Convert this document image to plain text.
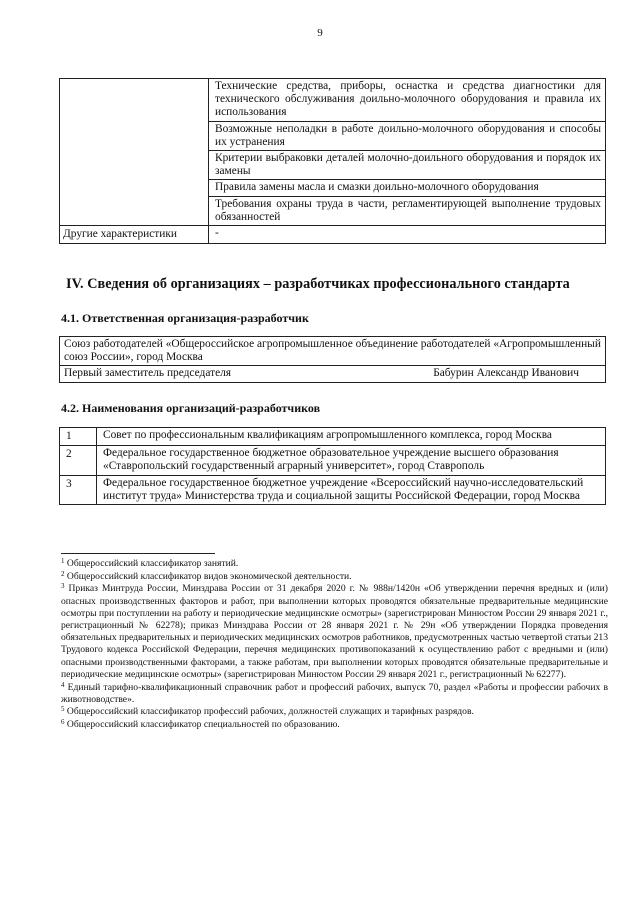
9
	Технические средства, приборы, оснастка и средства диагностики для технического обслуживания доильно-молочного оборудования и правила их использования
	Возможные неполадки в работе доильно-молочного оборудования и способы их устранения
	Критерии выбраковки деталей молочно-доильного оборудования и порядок их замены
	Правила замены масла и смазки доильно-молочного оборудования
	Требования охраны труда в части, регламентирующей выполнение трудовых обязанностей
Другие характеристики	-
IV. Сведения об организациях – разработчиках профессионального стандарта
4.1. Ответственная организация-разработчик
Союз работодателей «Общероссийское агропромышленное объединение работодателей «Агропромышленный союз России», город Москва

Первый заместитель председателя	Бабурин Александр Иванович
4.2. Наименования организаций-разработчиков
1	Совет по профессиональным квалификациям агропромышленного комплекса, город Москва
2	Федеральное государственное бюджетное образовательное учреждение высшего образования «Ставропольский государственный аграрный университет», город Ставрополь
3	Федеральное государственное бюджетное учреждение «Всероссийский научно-исследовательский институт труда» Министерства труда и социальной защиты Российской Федерации, город Москва

$^1$ Общероссийский классификатор занятий.

$^2$ Общероссийский классификатор видов экономической деятельности.

$^3$ Приказ Минтруда России, Минздрава России от 31 декабря 2020 г. № 988н/1420н «Об утверждении перечня вредных и (или) опасных производственных факторов и работ, при выполнении которых проводятся обязательные предварительные медицинские осмотры при поступлении на работу и периодические медицинские осмотры» (зарегистрирован Минюстом России 29 января 2021 г., регистрационный № 62278); приказ Минздрава России от 28 января 2021 г. № 29н «Об утверждении Порядка проведения обязательных предварительных и периодических медицинских осмотров работников, предусмотренных частью четвертой статьи 213 Трудового кодекса Российской Федерации, перечня медицинских противопоказаний к осуществлению работ с вредными и (или) опасными производственными факторами, а также работам, при выполнении которых проводятся обязательные предварительные и периодические медицинские осмотры» (зарегистрирован Минюстом России 29 января 2021 г., регистрационный № 62277).

$^4$ Единый тарифно-квалификационный справочник работ и профессий рабочих, выпуск 70, раздел «Работы и профессии рабочих в животноводстве».

$^5$ Общероссийский классификатор профессий рабочих, должностей служащих и тарифных разрядов.

$^6$ Общероссийский классификатор специальностей по образованию.
